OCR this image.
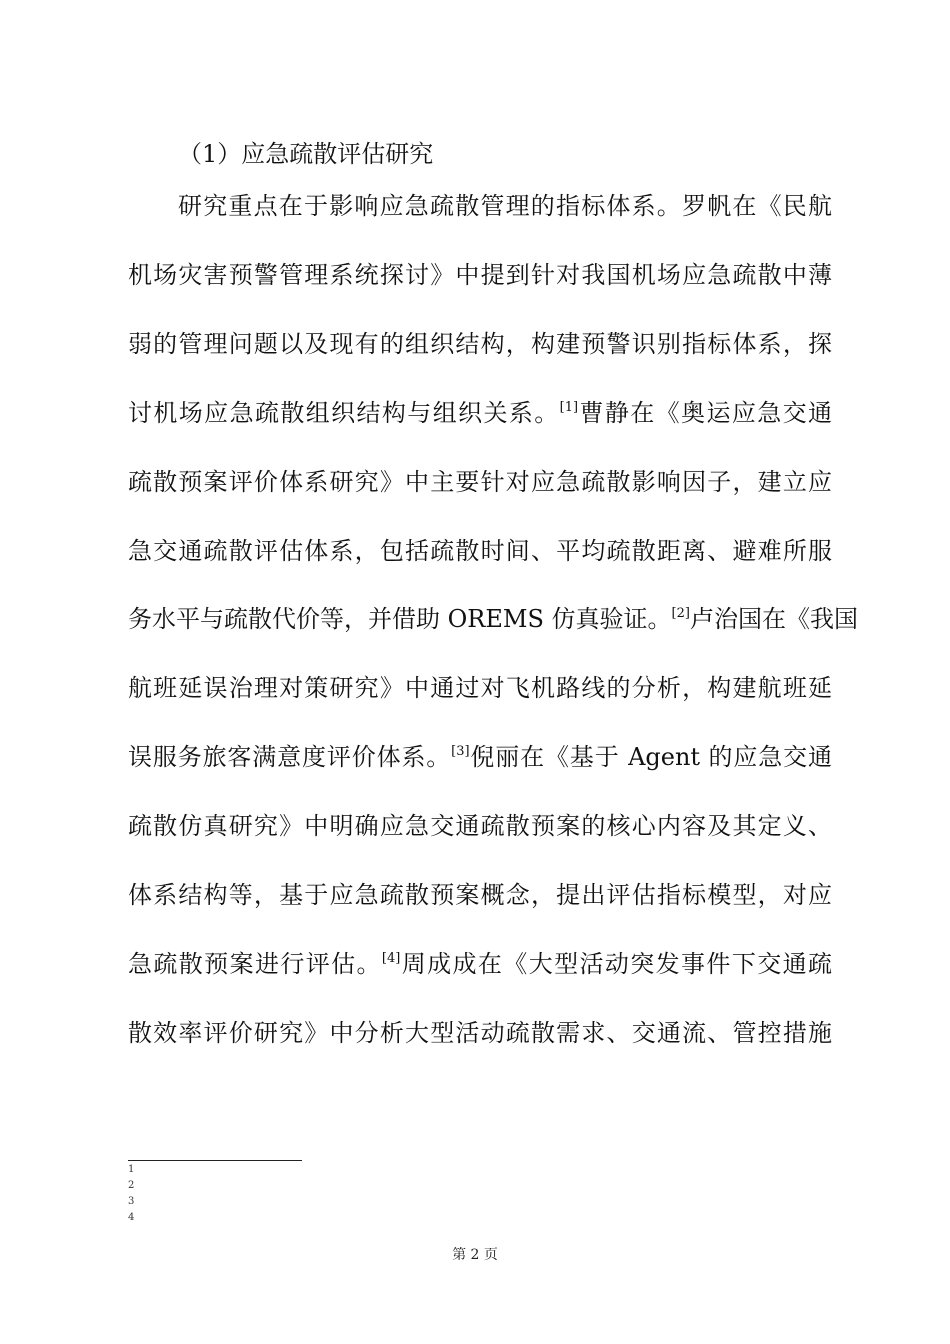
（1）应急疏散评估研究
研究重点在于影响应急疏散管理的指标体系。罗帆在《民航
机场灾害预警管理系统探讨》中提到针对我国机场应急疏散中薄
弱的管理问题以及现有的组织结构，构建预警识别指标体系，探
讨机场应急疏散组织结构与组织关系。[1]曹静在《奥运应急交通
疏散预案评价体系研究》中主要针对应急疏散影响因子，建立应
急交通疏散评估体系，包括疏散时间、平均疏散距离、避难所服
务水平与疏散代价等，并借助 OREMS 仿真验证。[2]卢治国在《我国
航班延误治理对策研究》中通过对飞机路线的分析，构建航班延
误服务旅客满意度评价体系。[3]倪丽在《基于 Agent 的应急交通
疏散仿真研究》中明确应急交通疏散预案的核心内容及其定义、
体系结构等，基于应急疏散预案概念，提出评估指标模型，对应
急疏散预案进行评估。[4]周成成在《大型活动突发事件下交通疏
散效率评价研究》中分析大型活动疏散需求、交通流、管控措施
1
2
3
4
第 2 页
